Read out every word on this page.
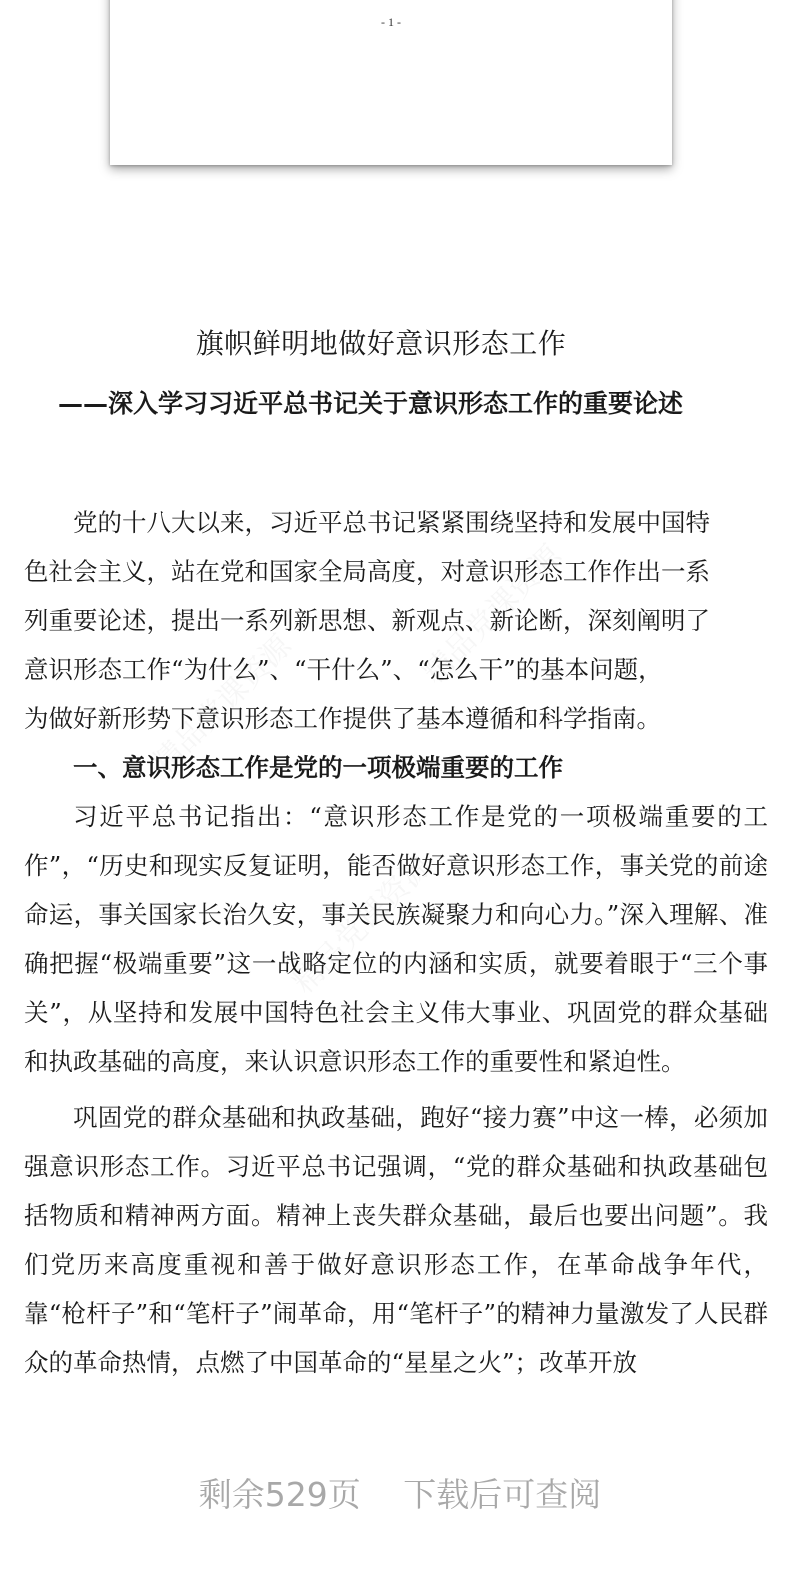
- 1 -
旗帜鲜明地做好意识形态工作
——深入学习习近平总书记关于意识形态工作的重要论述
精品党课资源
精品党课资源
精品党课资源

党的十八大以来，习近平总书记紧紧围绕坚持和发展中国特
色社会主义，站在党和国家全局高度，对意识形态工作作出一系
列重要论述，提出一系列新思想、新观点、新论断，深刻阐明了
意识形态工作“为什么”、“干什么”、“怎么干”的基本问题，
为做好新形势下意识形态工作提供了基本遵循和科学指南。

一、意识形态工作是党的一项极端重要的工作

习近平总书记指出：“意识形态工作是党的一项极端重要的工作”，“历史和现实反复证明，能否做好意识形态工作，事关党的前途命运，事关国家长治久安，事关民族凝聚力和向心力。”深入理解、准确把握“极端重要”这一战略定位的内涵和实质，就要着眼于“三个事关”，从坚持和发展中国特色社会主义伟大事业、巩固党的群众基础和执政基础的高度，来认识意识形态工作的重要性和紧迫性。

巩固党的群众基础和执政基础，跑好“接力赛”中这一棒，必须加强意识形态工作。习近平总书记强调，“党的群众基础和执政基础包括物质和精神两方面。精神上丧失群众基础，最后也要出问题”。我们党历来高度重视和善于做好意识形态工作，在革命战争年代，靠“枪杆子”和“笔杆子”闹革命，用“笔杆子”的精神力量激发了人民群众的革命热情，点燃了中国革命的“星星之火”；改革开放

剩余529页 下载后可查阅
